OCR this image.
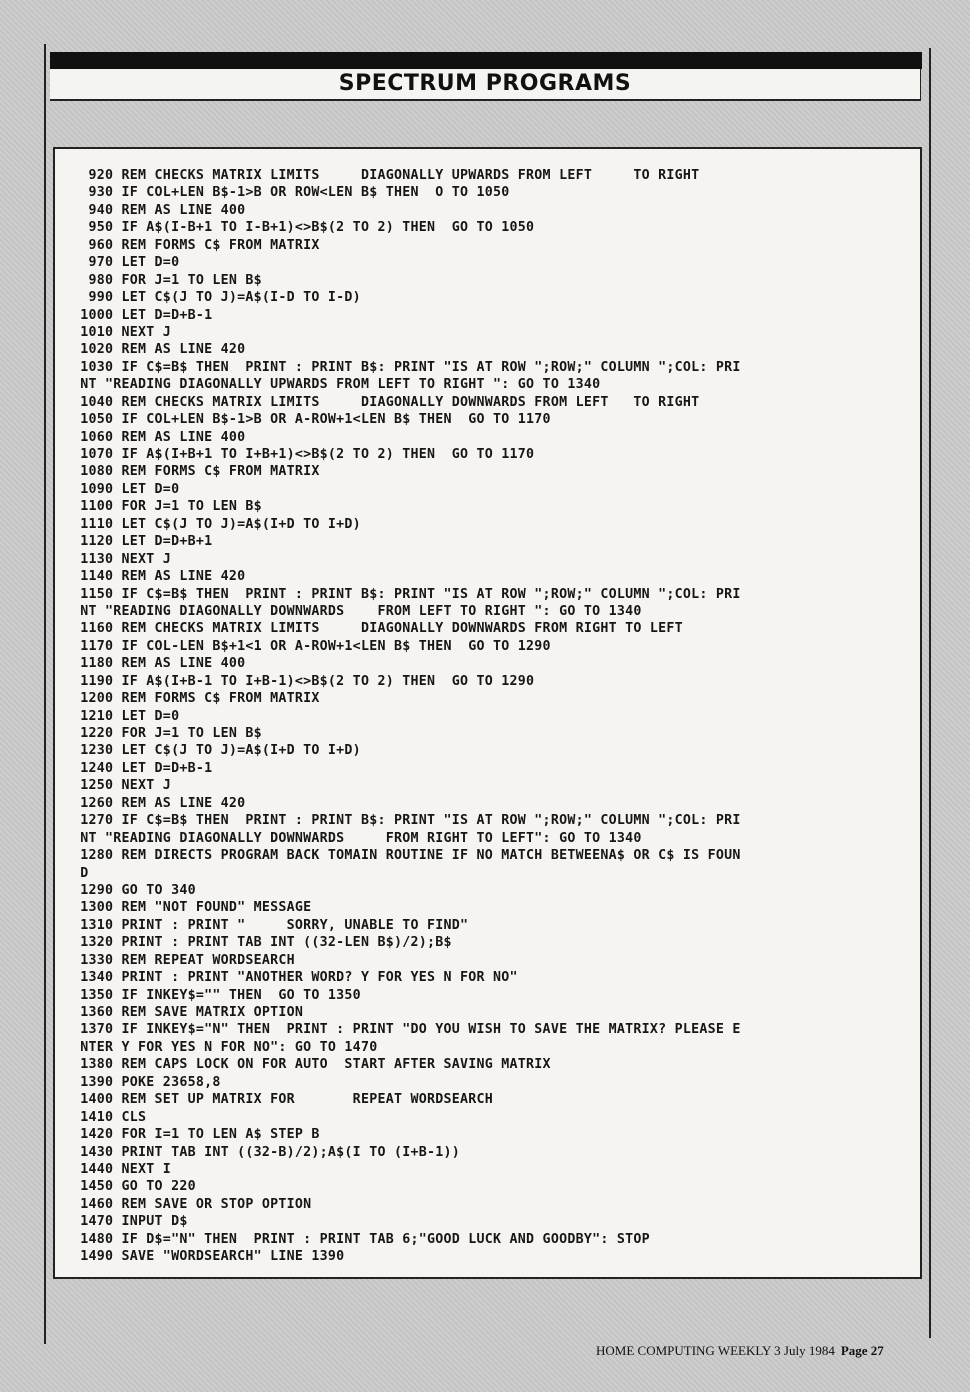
SPECTRUM PROGRAMS
920 REM CHECKS MATRIX LIMITS     DIAGONALLY UPWARDS FROM LEFT     TO RIGHT
930 IF COL+LEN B$-1>B OR ROW<LEN B$ THEN  O TO 1050
940 REM AS LINE 400
950 IF A$(I-B+1 TO I-B+1)<>B$(2 TO 2) THEN  GO TO 1050
960 REM FORMS C$ FROM MATRIX
970 LET D=0
980 FOR J=1 TO LEN B$
990 LET C$(J TO J)=A$(I-D TO I-D)
1000 LET D=D+B-1
1010 NEXT J
1020 REM AS LINE 420
1030 IF C$=B$ THEN  PRINT : PRINT B$: PRINT "IS AT ROW ";ROW;" COLUMN ";COL: PRI
NT "READING DIAGONALLY UPWARDS FROM LEFT TO RIGHT ": GO TO 1340
1040 REM CHECKS MATRIX LIMITS     DIAGONALLY DOWNWARDS FROM LEFT   TO RIGHT
1050 IF COL+LEN B$-1>B OR A-ROW+1<LEN B$ THEN  GO TO 1170
1060 REM AS LINE 400
1070 IF A$(I+B+1 TO I+B+1)<>B$(2 TO 2) THEN  GO TO 1170
1080 REM FORMS C$ FROM MATRIX
1090 LET D=0
1100 FOR J=1 TO LEN B$
1110 LET C$(J TO J)=A$(I+D TO I+D)
1120 LET D=D+B+1
1130 NEXT J
1140 REM AS LINE 420
1150 IF C$=B$ THEN  PRINT : PRINT B$: PRINT "IS AT ROW ";ROW;" COLUMN ";COL: PRI
NT "READING DIAGONALLY DOWNWARDS    FROM LEFT TO RIGHT ": GO TO 1340
1160 REM CHECKS MATRIX LIMITS     DIAGONALLY DOWNWARDS FROM RIGHT TO LEFT
1170 IF COL-LEN B$+1<1 OR A-ROW+1<LEN B$ THEN  GO TO 1290
1180 REM AS LINE 400
1190 IF A$(I+B-1 TO I+B-1)<>B$(2 TO 2) THEN  GO TO 1290
1200 REM FORMS C$ FROM MATRIX
1210 LET D=0
1220 FOR J=1 TO LEN B$
1230 LET C$(J TO J)=A$(I+D TO I+D)
1240 LET D=D+B-1
1250 NEXT J
1260 REM AS LINE 420
1270 IF C$=B$ THEN  PRINT : PRINT B$: PRINT "IS AT ROW ";ROW;" COLUMN ";COL: PRI
NT "READING DIAGONALLY DOWNWARDS     FROM RIGHT TO LEFT": GO TO 1340
1280 REM DIRECTS PROGRAM BACK TOMAIN ROUTINE IF NO MATCH BETWEENA$ OR C$ IS FOUN
D
1290 GO TO 340
1300 REM "NOT FOUND" MESSAGE
1310 PRINT : PRINT "     SORRY, UNABLE TO FIND"
1320 PRINT : PRINT TAB INT ((32-LEN B$)/2);B$
1330 REM REPEAT WORDSEARCH
1340 PRINT : PRINT "ANOTHER WORD? Y FOR YES N FOR NO"
1350 IF INKEY$="" THEN  GO TO 1350
1360 REM SAVE MATRIX OPTION
1370 IF INKEY$="N" THEN  PRINT : PRINT "DO YOU WISH TO SAVE THE MATRIX? PLEASE E
NTER Y FOR YES N FOR NO": GO TO 1470
1380 REM CAPS LOCK ON FOR AUTO  START AFTER SAVING MATRIX
1390 POKE 23658,8
1400 REM SET UP MATRIX FOR       REPEAT WORDSEARCH
1410 CLS
1420 FOR I=1 TO LEN A$ STEP B
1430 PRINT TAB INT ((32-B)/2);A$(I TO (I+B-1))
1440 NEXT I
1450 GO TO 220
1460 REM SAVE OR STOP OPTION
1470 INPUT D$
1480 IF D$="N" THEN  PRINT : PRINT TAB 6;"GOOD LUCK AND GOODBY": STOP
1490 SAVE "WORDSEARCH" LINE 1390
HOME COMPUTING WEEKLY 3 July 1984 Page 27
